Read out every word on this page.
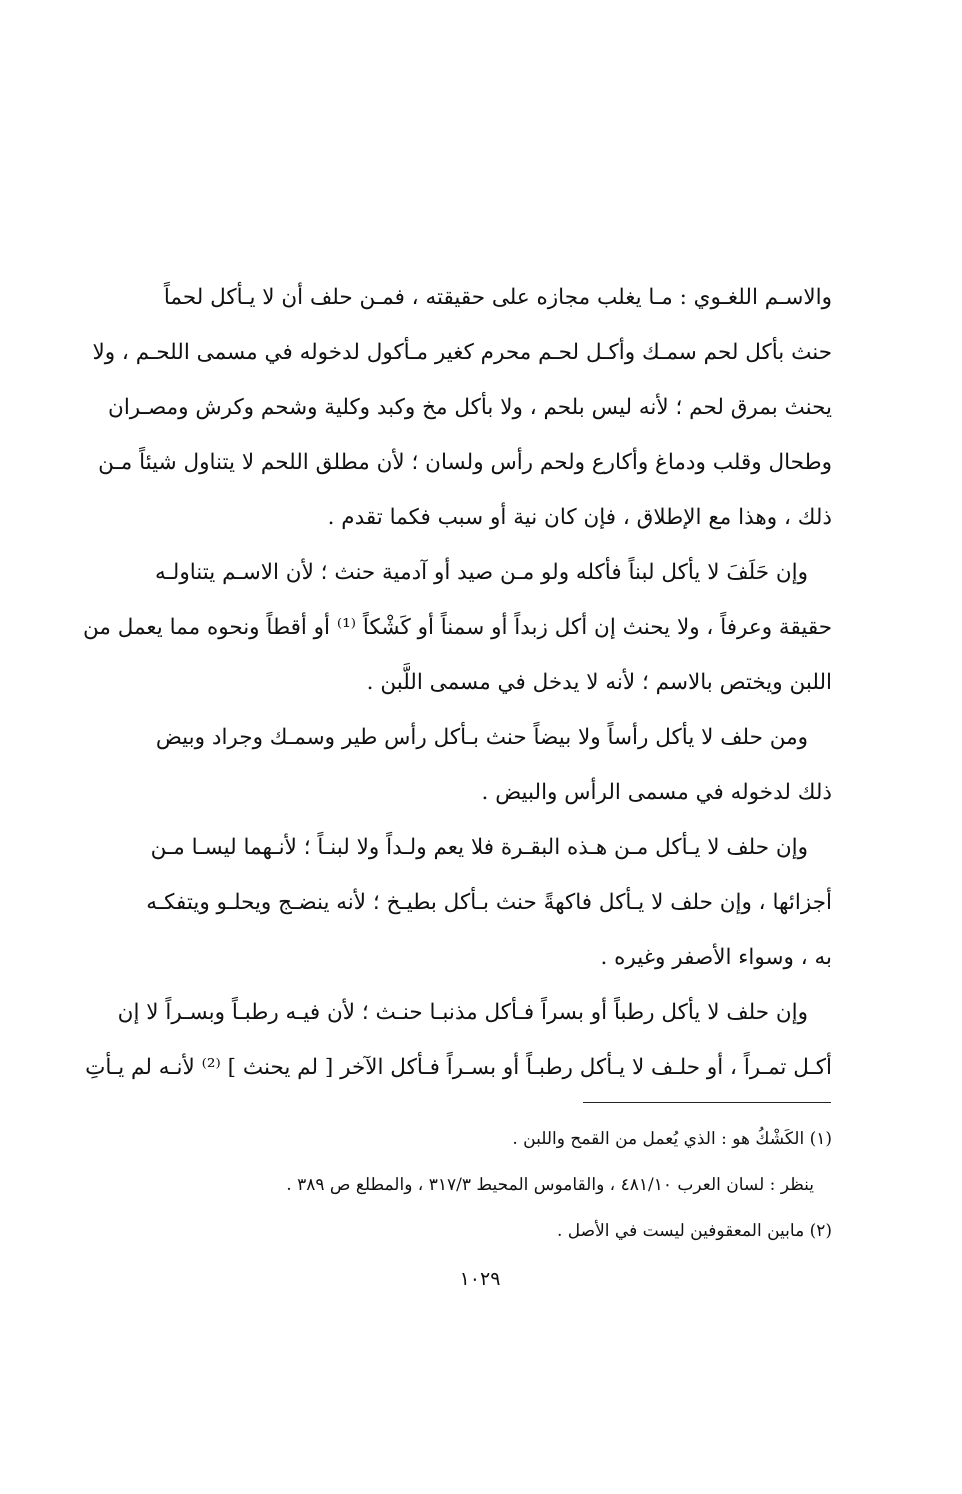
والاسـم اللغـوي : مـا يغلب مجازه على حقيقته ، فمـن حلف أن لا يـأكل لحماً
حنث بأكل لحم سمـك وأكـل لحـم محرم كغير مـأكول لدخوله في مسمى اللحـم ، ولا
يحنث بمرق لحم ؛ لأنه ليس بلحم ، ولا بأكل مخ وكبد وكلية وشحم وكرش ومصـران
وطحال وقلب ودماغ وأكارع ولحم رأس ولسان ؛ لأن مطلق اللحم لا يتناول شيئاً مـن
ذلك ، وهذا مع الإطلاق ، فإن كان نية أو سبب فكما تقدم .
وإن حَلَفَ لا يأكل لبناً فأكله ولو مـن صيد أو آدمية حنث ؛ لأن الاسـم يتناولـه
حقيقة وعرفاً ، ولا يحنث إن أكل زبداً أو سمناً أو كَشْكاً ⁽¹⁾ أو أقطاً ونحوه مما يعمل من
اللبن ويختص بالاسم ؛ لأنه لا يدخل في مسمى اللَّبن .
ومن حلف لا يأكل رأساً ولا بيضاً حنث بـأكل رأس طير وسمـك وجراد وبيض
ذلك لدخوله في مسمى الرأس والبيض .
وإن حلف لا يـأكل مـن هـذه البقـرة فلا يعم ولـداً ولا لبنـاً ؛ لأنـهما ليسـا مـن
أجزائها ، وإن حلف لا يـأكل فاكهةً حنث بـأكل بطيـخ ؛ لأنه ينضـج ويحلـو ويتفكـه
به ، وسواء الأصفر وغيره .
وإن حلف لا يأكل رطباً أو بسراً فـأكل مذنبـا حنـث ؛ لأن فيـه رطبـاً وبسـراً لا إن
أكـل تمـراً ، أو حلـف لا يـأكل رطبـاً أو بسـراً فـأكل الآخر [ لم يحنث ] ⁽²⁾ لأنـه لم يـأتِ
(١) الكَشْكُ هو : الذي يُعمل من القمح واللبن .
ينظر : لسان العرب ٤٨١/١٠ ، والقاموس المحيط ٣١٧/٣ ، والمطلع ص ٣٨٩ .
(٢) مابين المعقوفين ليست في الأصل .
١٠٢٩
